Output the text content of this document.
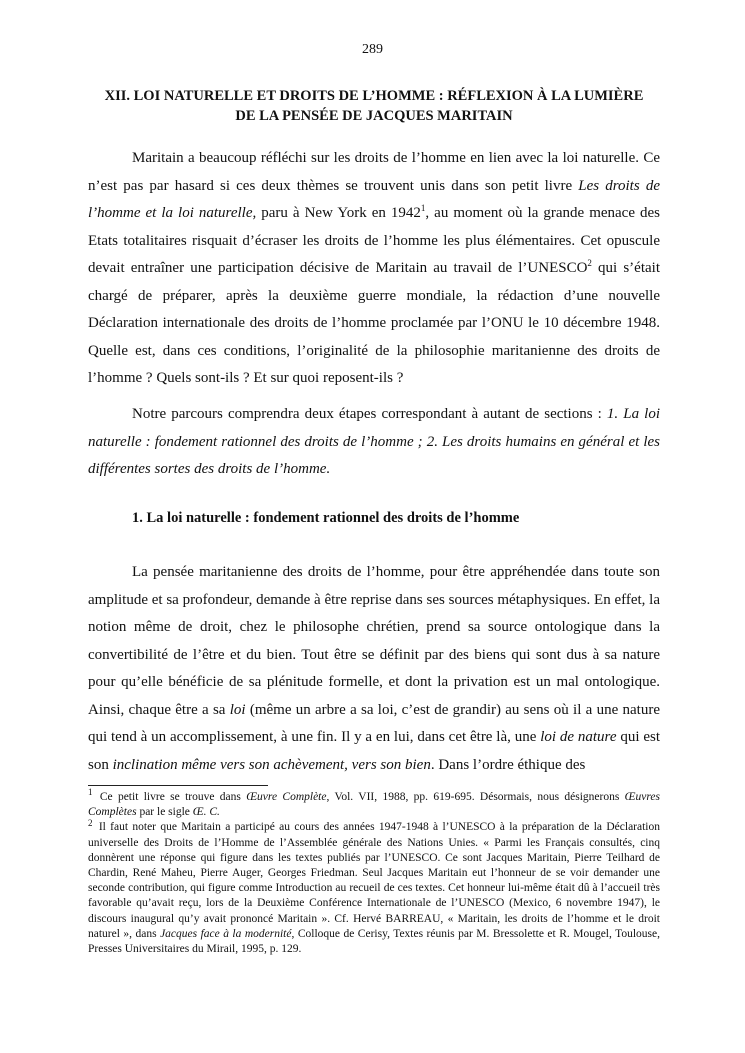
289
XII. LOI NATURELLE ET DROITS DE L’HOMME : RÉFLEXION À LA LUMIÈRE
DE LA PENSÉE DE JACQUES MARITAIN

Maritain a beaucoup réfléchi sur les droits de l’homme en lien avec la loi naturelle. Ce n’est pas par hasard si ces deux thèmes se trouvent unis dans son petit livre Les droits de l’homme et la loi naturelle, paru à New York en 1942$^1$, au moment où la grande menace des Etats totalitaires risquait d’écraser les droits de l’homme les plus élémentaires. Cet opuscule devait entraîner une participation décisive de Maritain au travail de l’UNESCO$^2$ qui s’était chargé de préparer, après la deuxième guerre mondiale, la rédaction d’une nouvelle Déclaration internationale des droits de l’homme proclamée par l’ONU le 10 décembre 1948. Quelle est, dans ces conditions, l’originalité de la philosophie maritanienne des droits de l’homme ? Quels sont-ils ? Et sur quoi reposent-ils ?

Notre parcours comprendra deux étapes correspondant à autant de sections : 1. La loi naturelle : fondement rationnel des droits de l’homme ; 2. Les droits humains en général et les différentes sortes des droits de l’homme.

1. La loi naturelle : fondement rationnel des droits de l’homme

La pensée maritanienne des droits de l’homme, pour être appréhendée dans toute son amplitude et sa profondeur, demande à être reprise dans ses sources métaphysiques. En effet, la notion même de droit, chez le philosophe chrétien, prend sa source ontologique dans la convertibilité de l’être et du bien. Tout être se définit par des biens qui sont dus à sa nature pour qu’elle bénéficie de sa plénitude formelle, et dont la privation est un mal ontologique. Ainsi, chaque être a sa loi (même un arbre a sa loi, c’est de grandir) au sens où il a une nature qui tend à un accomplissement, à une fin. Il y a en lui, dans cet être là, une loi de nature qui est son inclination même vers son achèvement, vers son bien. Dans l’ordre éthique des

$^1$ Ce petit livre se trouve dans Œuvre Complète, Vol. VII, 1988, pp. 619-695. Désormais, nous désignerons Œuvres Complètes par le sigle Œ. C.

$^2$ Il faut noter que Maritain a participé au cours des années 1947-1948 à l’UNESCO à la préparation de la Déclaration universelle des Droits de l’Homme de l’Assemblée générale des Nations Unies. « Parmi les Français consultés, cinq donnèrent une réponse qui figure dans les textes publiés par l’UNESCO. Ce sont Jacques Maritain, Pierre Teilhard de Chardin, René Maheu, Pierre Auger, Georges Friedman. Seul Jacques Maritain eut l’honneur de se voir demander une seconde contribution, qui figure comme Introduction au recueil de ces textes. Cet honneur lui-même était dû à l’accueil très favorable qu’avait reçu, lors de la Deuxième Conférence Internationale de l’UNESCO (Mexico, 6 novembre 1947), le discours inaugural qu’y avait prononcé Maritain ». Cf. Hervé BARREAU, « Maritain, les droits de l’homme et le droit naturel », dans Jacques face à la modernité, Colloque de Cerisy, Textes réunis par M. Bressolette et R. Mougel, Toulouse, Presses Universitaires du Mirail, 1995, p. 129.
